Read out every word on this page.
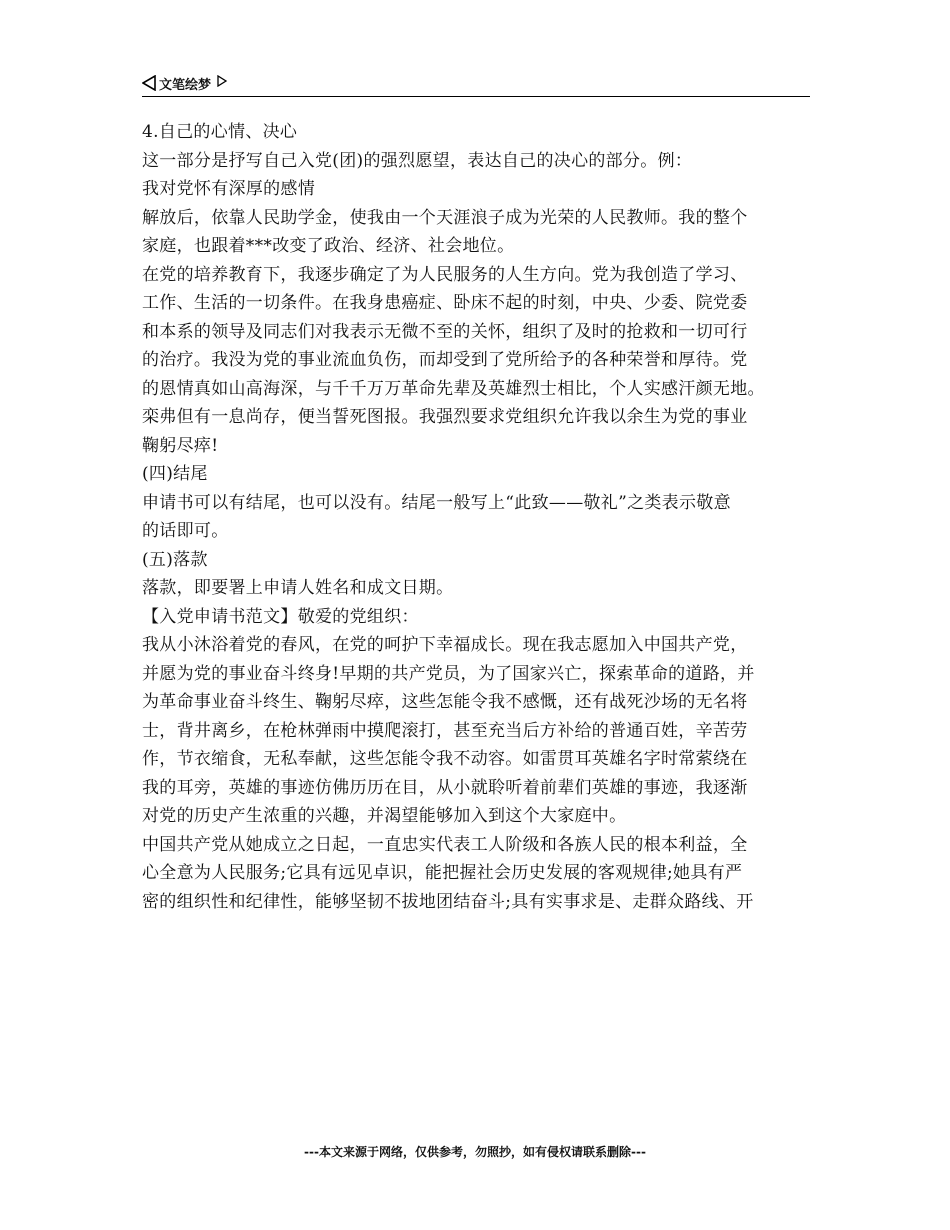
文笔绘梦
4.自己的心情、决心
这一部分是抒写自己入党(团)的强烈愿望，表达自己的决心的部分。例：
我对党怀有深厚的感情
解放后，依靠人民助学金，使我由一个天涯浪子成为光荣的人民教师。我的整个
家庭，也跟着***改变了政治、经济、社会地位。
在党的培养教育下，我逐步确定了为人民服务的人生方向。党为我创造了学习、
工作、生活的一切条件。在我身患癌症、卧床不起的时刻，中央、少委、院党委
和本系的领导及同志们对我表示无微不至的关怀，组织了及时的抢救和一切可行
的治疗。我没为党的事业流血负伤，而却受到了党所给予的各种荣誉和厚待。党
的恩情真如山高海深，与千千万万革命先辈及英雄烈士相比，个人实感汗颜无地。
栾弗但有一息尚存，便当誓死图报。我强烈要求党组织允许我以余生为党的事业
鞠躬尽瘁!
(四)结尾
申请书可以有结尾，也可以没有。结尾一般写上“此致——敬礼”之类表示敬意
的话即可。
(五)落款
落款，即要署上申请人姓名和成文日期。
【入党申请书范文】敬爱的党组织：
我从小沐浴着党的春风，在党的呵护下幸福成长。现在我志愿加入中国共产党，
并愿为党的事业奋斗终身!早期的共产党员，为了国家兴亡，探索革命的道路，并
为革命事业奋斗终生、鞠躬尽瘁，这些怎能令我不感慨，还有战死沙场的无名将
士，背井离乡，在枪林弹雨中摸爬滚打，甚至充当后方补给的普通百姓，辛苦劳
作，节衣缩食，无私奉献，这些怎能令我不动容。如雷贯耳英雄名字时常萦绕在
我的耳旁，英雄的事迹仿佛历历在目，从小就聆听着前辈们英雄的事迹，我逐渐
对党的历史产生浓重的兴趣，并渴望能够加入到这个大家庭中。
中国共产党从她成立之日起，一直忠实代表工人阶级和各族人民的根本利益，全
心全意为人民服务;它具有远见卓识，能把握社会历史发展的客观规律;她具有严
密的组织性和纪律性，能够坚韧不拔地团结奋斗;具有实事求是、走群众路线、开
---本文来源于网络，仅供参考，勿照抄，如有侵权请联系删除---
